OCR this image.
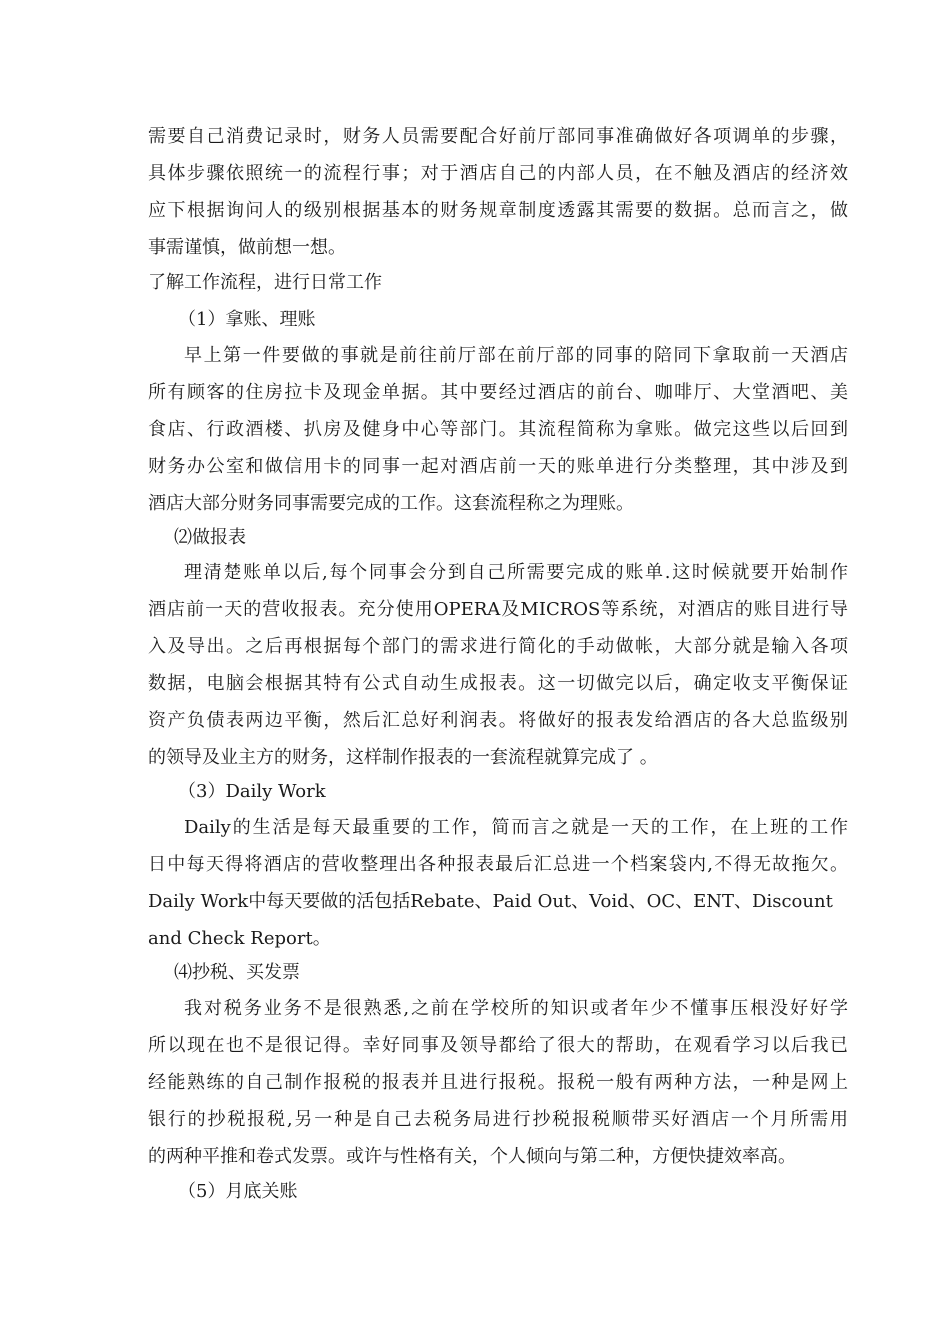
需要自己消费记录时，财务人员需要配合好前厅部同事准确做好各项调单的步骤，
具体步骤依照统一的流程行事；对于酒店自己的内部人员，在不触及酒店的经济效
应下根据询问人的级别根据基本的财务规章制度透露其需要的数据。总而言之，做
事需谨慎，做前想一想。
了解工作流程，进行日常工作
（1）拿账、理账
早上第一件要做的事就是前往前厅部在前厅部的同事的陪同下拿取前一天酒店
所有顾客的住房拉卡及现金单据。其中要经过酒店的前台、咖啡厅、大堂酒吧、美
食店、行政酒楼、扒房及健身中心等部门。其流程简称为拿账。做完这些以后回到
财务办公室和做信用卡的同事一起对酒店前一天的账单进行分类整理，其中涉及到
酒店大部分财务同事需要完成的工作。这套流程称之为理账。
⑵做报表
理清楚账单以后,每个同事会分到自己所需要完成的账单.这时候就要开始制作
酒店前一天的营收报表。充分使用OPERA及MICROS等系统，对酒店的账目进行导
入及导出。之后再根据每个部门的需求进行简化的手动做帐，大部分就是输入各项
数据，电脑会根据其特有公式自动生成报表。这一切做完以后，确定收支平衡保证
资产负债表两边平衡，然后汇总好利润表。将做好的报表发给酒店的各大总监级别
的领导及业主方的财务，这样制作报表的一套流程就算完成了 。
（3）Daily Work
Daily的生活是每天最重要的工作，简而言之就是一天的工作，在上班的工作
日中每天得将酒店的营收整理出各种报表最后汇总进一个档案袋内,不得无故拖欠。
Daily Work中每天要做的活包括Rebate、Paid Out、Void、OC、ENT、Discount
and Check Report。
⑷抄税、买发票
我对税务业务不是很熟悉,之前在学校所的知识或者年少不懂事压根没好好学
所以现在也不是很记得。幸好同事及领导都给了很大的帮助，在观看学习以后我已
经能熟练的自己制作报税的报表并且进行报税。报税一般有两种方法，一种是网上
银行的抄税报税,另一种是自己去税务局进行抄税报税顺带买好酒店一个月所需用
的两种平推和卷式发票。或许与性格有关，个人倾向与第二种，方便快捷效率高。
（5）月底关账
